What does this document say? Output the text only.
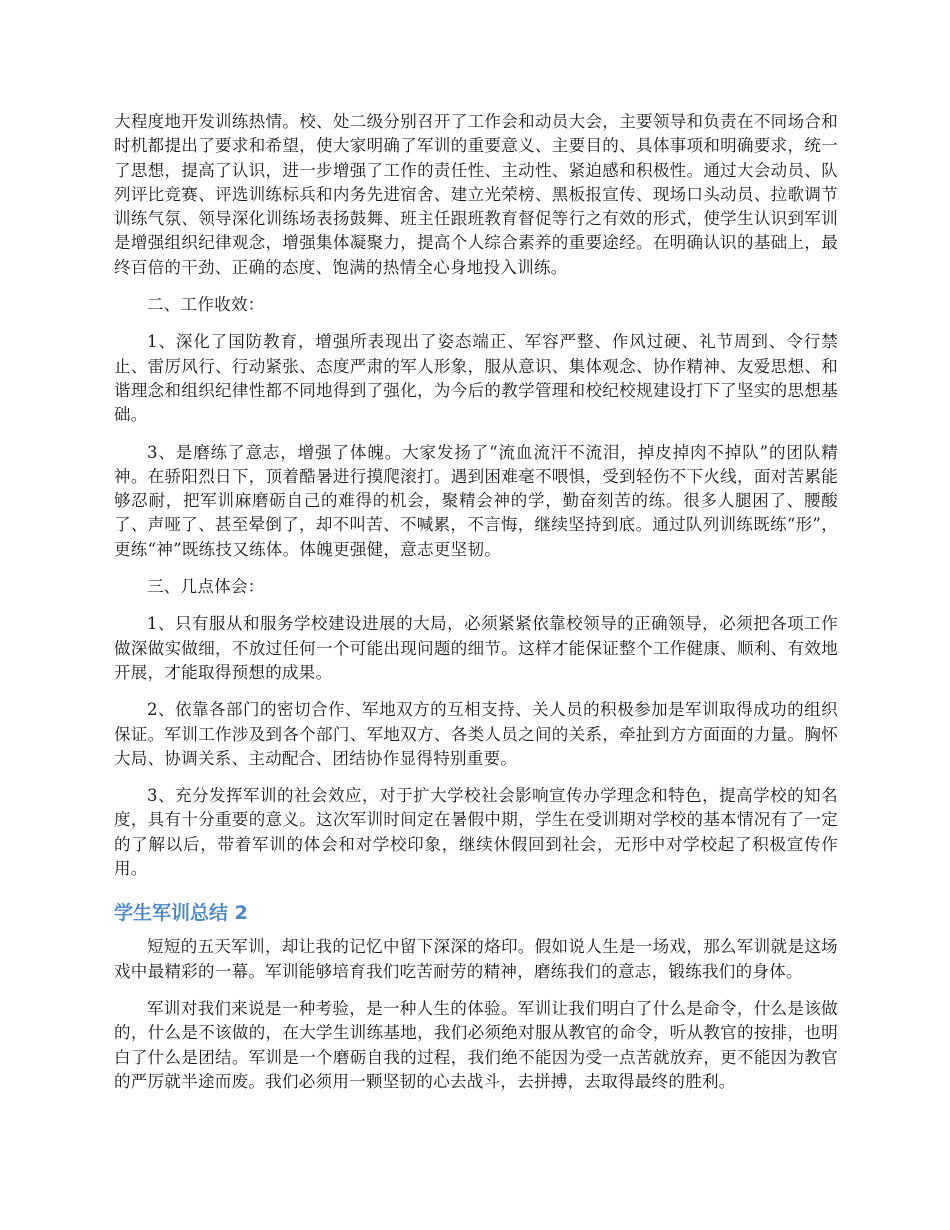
大程度地开发训练热情。校、处二级分别召开了工作会和动员大会，主要领导和负责在不同场合和时机都提出了要求和希望，使大家明确了军训的重要意义、主要目的、具体事项和明确要求，统一了思想，提高了认识，进一步增强了工作的责任性、主动性、紧迫感和积极性。通过大会动员、队列评比竞赛、评选训练标兵和内务先进宿舍、建立光荣榜、黑板报宣传、现场口头动员、拉歌调节训练气氛、领导深化训练场表扬鼓舞、班主任跟班教育督促等行之有效的形式，使学生认识到军训是增强组织纪律观念，增强集体凝聚力，提高个人综合素养的重要途经。在明确认识的基础上，最终百倍的干劲、正确的态度、饱满的热情全心身地投入训练。

二、工作收效：

1、深化了国防教育，增强所表现出了姿态端正、军容严整、作风过硬、礼节周到、令行禁止、雷厉风行、行动紧张、态度严肃的军人形象，服从意识、集体观念、协作精神、友爱思想、和谐理念和组织纪律性都不同地得到了强化，为今后的教学管理和校纪校规建设打下了坚实的思想基础。

3、是磨练了意志，增强了体魄。大家发扬了“流血流汗不流泪，掉皮掉肉不掉队”的团队精神。在骄阳烈日下，顶着酷暑进行摸爬滚打。遇到困难毫不喂惧，受到轻伤不下火线，面对苦累能够忍耐，把军训麻磨砺自己的难得的机会，聚精会神的学，勤奋刻苦的练。很多人腿困了、腰酸了、声哑了、甚至晕倒了，却不叫苦、不喊累，不言悔，继续坚持到底。通过队列训练既练“形”，更练“神”既练技又练体。体魄更强健，意志更坚韧。

三、几点体会：

1、只有服从和服务学校建设进展的大局，必须紧紧依靠校领导的正确领导，必须把各项工作做深做实做细，不放过任何一个可能出现问题的细节。这样才能保证整个工作健康、顺利、有效地开展，才能取得预想的成果。

2、依靠各部门的密切合作、军地双方的互相支持、关人员的积极参加是军训取得成功的组织保证。军训工作涉及到各个部门、军地双方、各类人员之间的关系，牵扯到方方面面的力量。胸怀大局、协调关系、主动配合、团结协作显得特别重要。

3、充分发挥军训的社会效应，对于扩大学校社会影响宣传办学理念和特色，提高学校的知名度，具有十分重要的意义。这次军训时间定在暑假中期，学生在受训期对学校的基本情况有了一定的了解以后，带着军训的体会和对学校印象，继续休假回到社会，无形中对学校起了积极宣传作用。

学生军训总结 2

短短的五天军训，却让我的记忆中留下深深的烙印。假如说人生是一场戏，那么军训就是这场戏中最精彩的一幕。军训能够培育我们吃苦耐劳的精神，磨练我们的意志，锻练我们的身体。

军训对我们来说是一种考验，是一种人生的体验。军训让我们明白了什么是命令，什么是该做的，什么是不该做的，在大学生训练基地，我们必须绝对服从教官的命令，听从教官的按排，也明白了什么是团结。军训是一个磨砺自我的过程，我们绝不能因为受一点苦就放弃，更不能因为教官的严厉就半途而废。我们必须用一颗坚韧的心去战斗，去拼搏，去取得最终的胜利。
